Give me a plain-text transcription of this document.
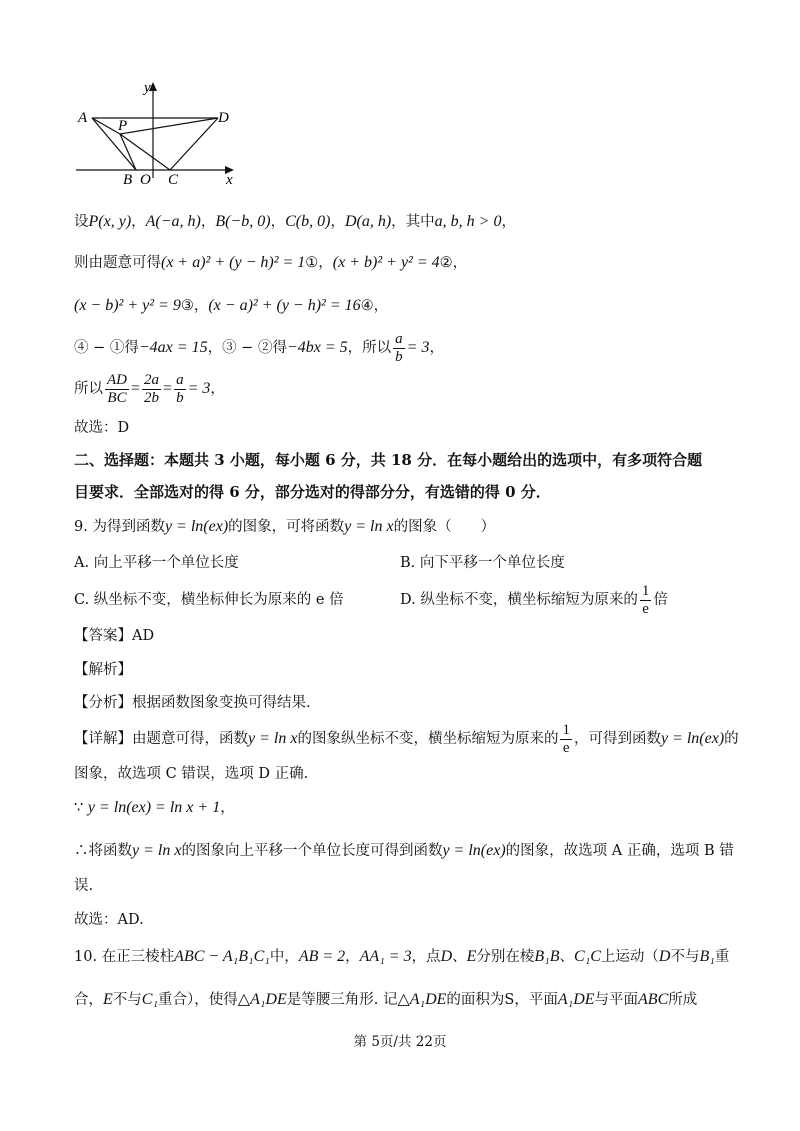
y
A	D
P
B O C	x
设P(x, y)，A(−a, h)，B(−b, 0)，C(b, 0)，D(a, h)，其中a, b, h > 0，
则由题意可得(x + a)² + (y − h)² = 1①，(x + b)² + y² = 4②，
(x − b)² + y² = 9③，(x − a)² + (y − h)² = 16④，
④ − ①得−4ax = 15，③ − ②得−4bx = 5，所以 $\frac{a}{b} = 3$，
所以 $\frac{AD}{BC} = \frac{2a}{2b} = \frac{a}{b} = 3$，
故选：D
二、选择题：本题共 3 小题，每小题 6 分，共 18 分．在每小题给出的选项中，有多项符合题
目要求．全部选对的得 6 分，部分选对的得部分分，有选错的得 0 分．
9. 为得到函数y = ln(ex)的图象，可将函数y = ln x的图象（　　）
A. 向上平移一个单位长度	B. 向下平移一个单位长度
C. 纵坐标不变，横坐标伸长为原来的 e 倍	D. 纵坐标不变，横坐标缩短为原来的 $\frac{1}{e}$ 倍
【答案】AD
【解析】
【分析】根据函数图象变换可得结果.
【详解】由题意可得，函数y = ln x的图象纵坐标不变，横坐标缩短为原来的 $\frac{1}{e}$ ，可得到函数y = ln(ex)的
图象，故选项 C 错误，选项 D 正确.
∵ y = ln(ex) = ln x + 1，
∴将函数y = ln x的图象向上平移一个单位长度可得到函数y = ln(ex)的图象，故选项 A 正确，选项 B 错
误.
故选：AD.
10. 在正三棱柱ABC − A₁B₁C₁中，AB = 2，AA₁ = 3，点D、E分别在棱B₁B、C₁C上运动（D不与B₁重
合，E不与C₁重合），使得△A₁DE是等腰三角形. 记△A₁DE的面积为S，平面A₁DE与平面ABC所成
第 5页/共 22页
